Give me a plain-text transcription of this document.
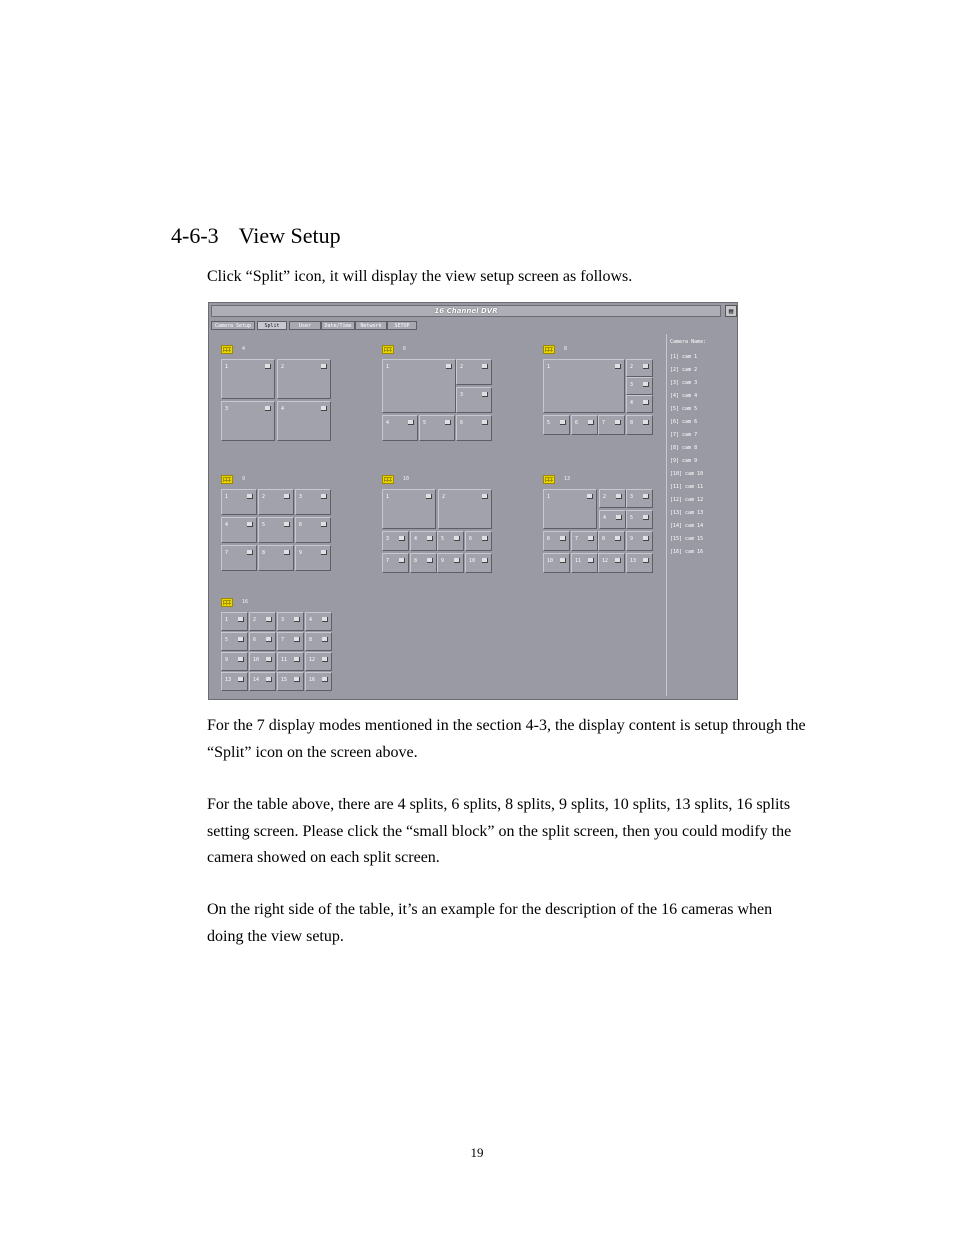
4-6-3 View Setup

Click “Split” icon, it will display the view setup screen as follows.

16 Channel DVR	▤
Camera Setup	Split	User	Date/Time	Network	SETUP
4
1	2
3	4
6
1	2
3
4	5	6
8
1	2
3
4
5	6	7	8
9
1	2	3
4	5	6
7	8	9
10
1	2
3	4	5	6
7	8	9	10
13
1	2	3
4	5
6	7	8	9
10	11	12	13
16
1	2	3	4
5	6	7	8
9	10	11	12
13	14	15	16
Camera Name:
[1] cam 1
[2] cam 2
[3] cam 3
[4] cam 4
[5] cam 5
[6] cam 6
[7] cam 7
[8] cam 8
[9] cam 9
[10] cam 10
[11] cam 11
[12] cam 12
[13] cam 13
[14] cam 14
[15] cam 15
[16] cam 16

For the 7 display modes mentioned in the section 4-3, the display content is setup through the “Split” icon on the screen above.

For the table above, there are 4 splits, 6 splits, 8 splits, 9 splits, 10 splits, 13 splits, 16 splits setting screen. Please click the “small block” on the split screen, then you could modify the camera showed on each split screen.

On the right side of the table, it’s an example for the description of the 16 cameras when doing the view setup.

19
